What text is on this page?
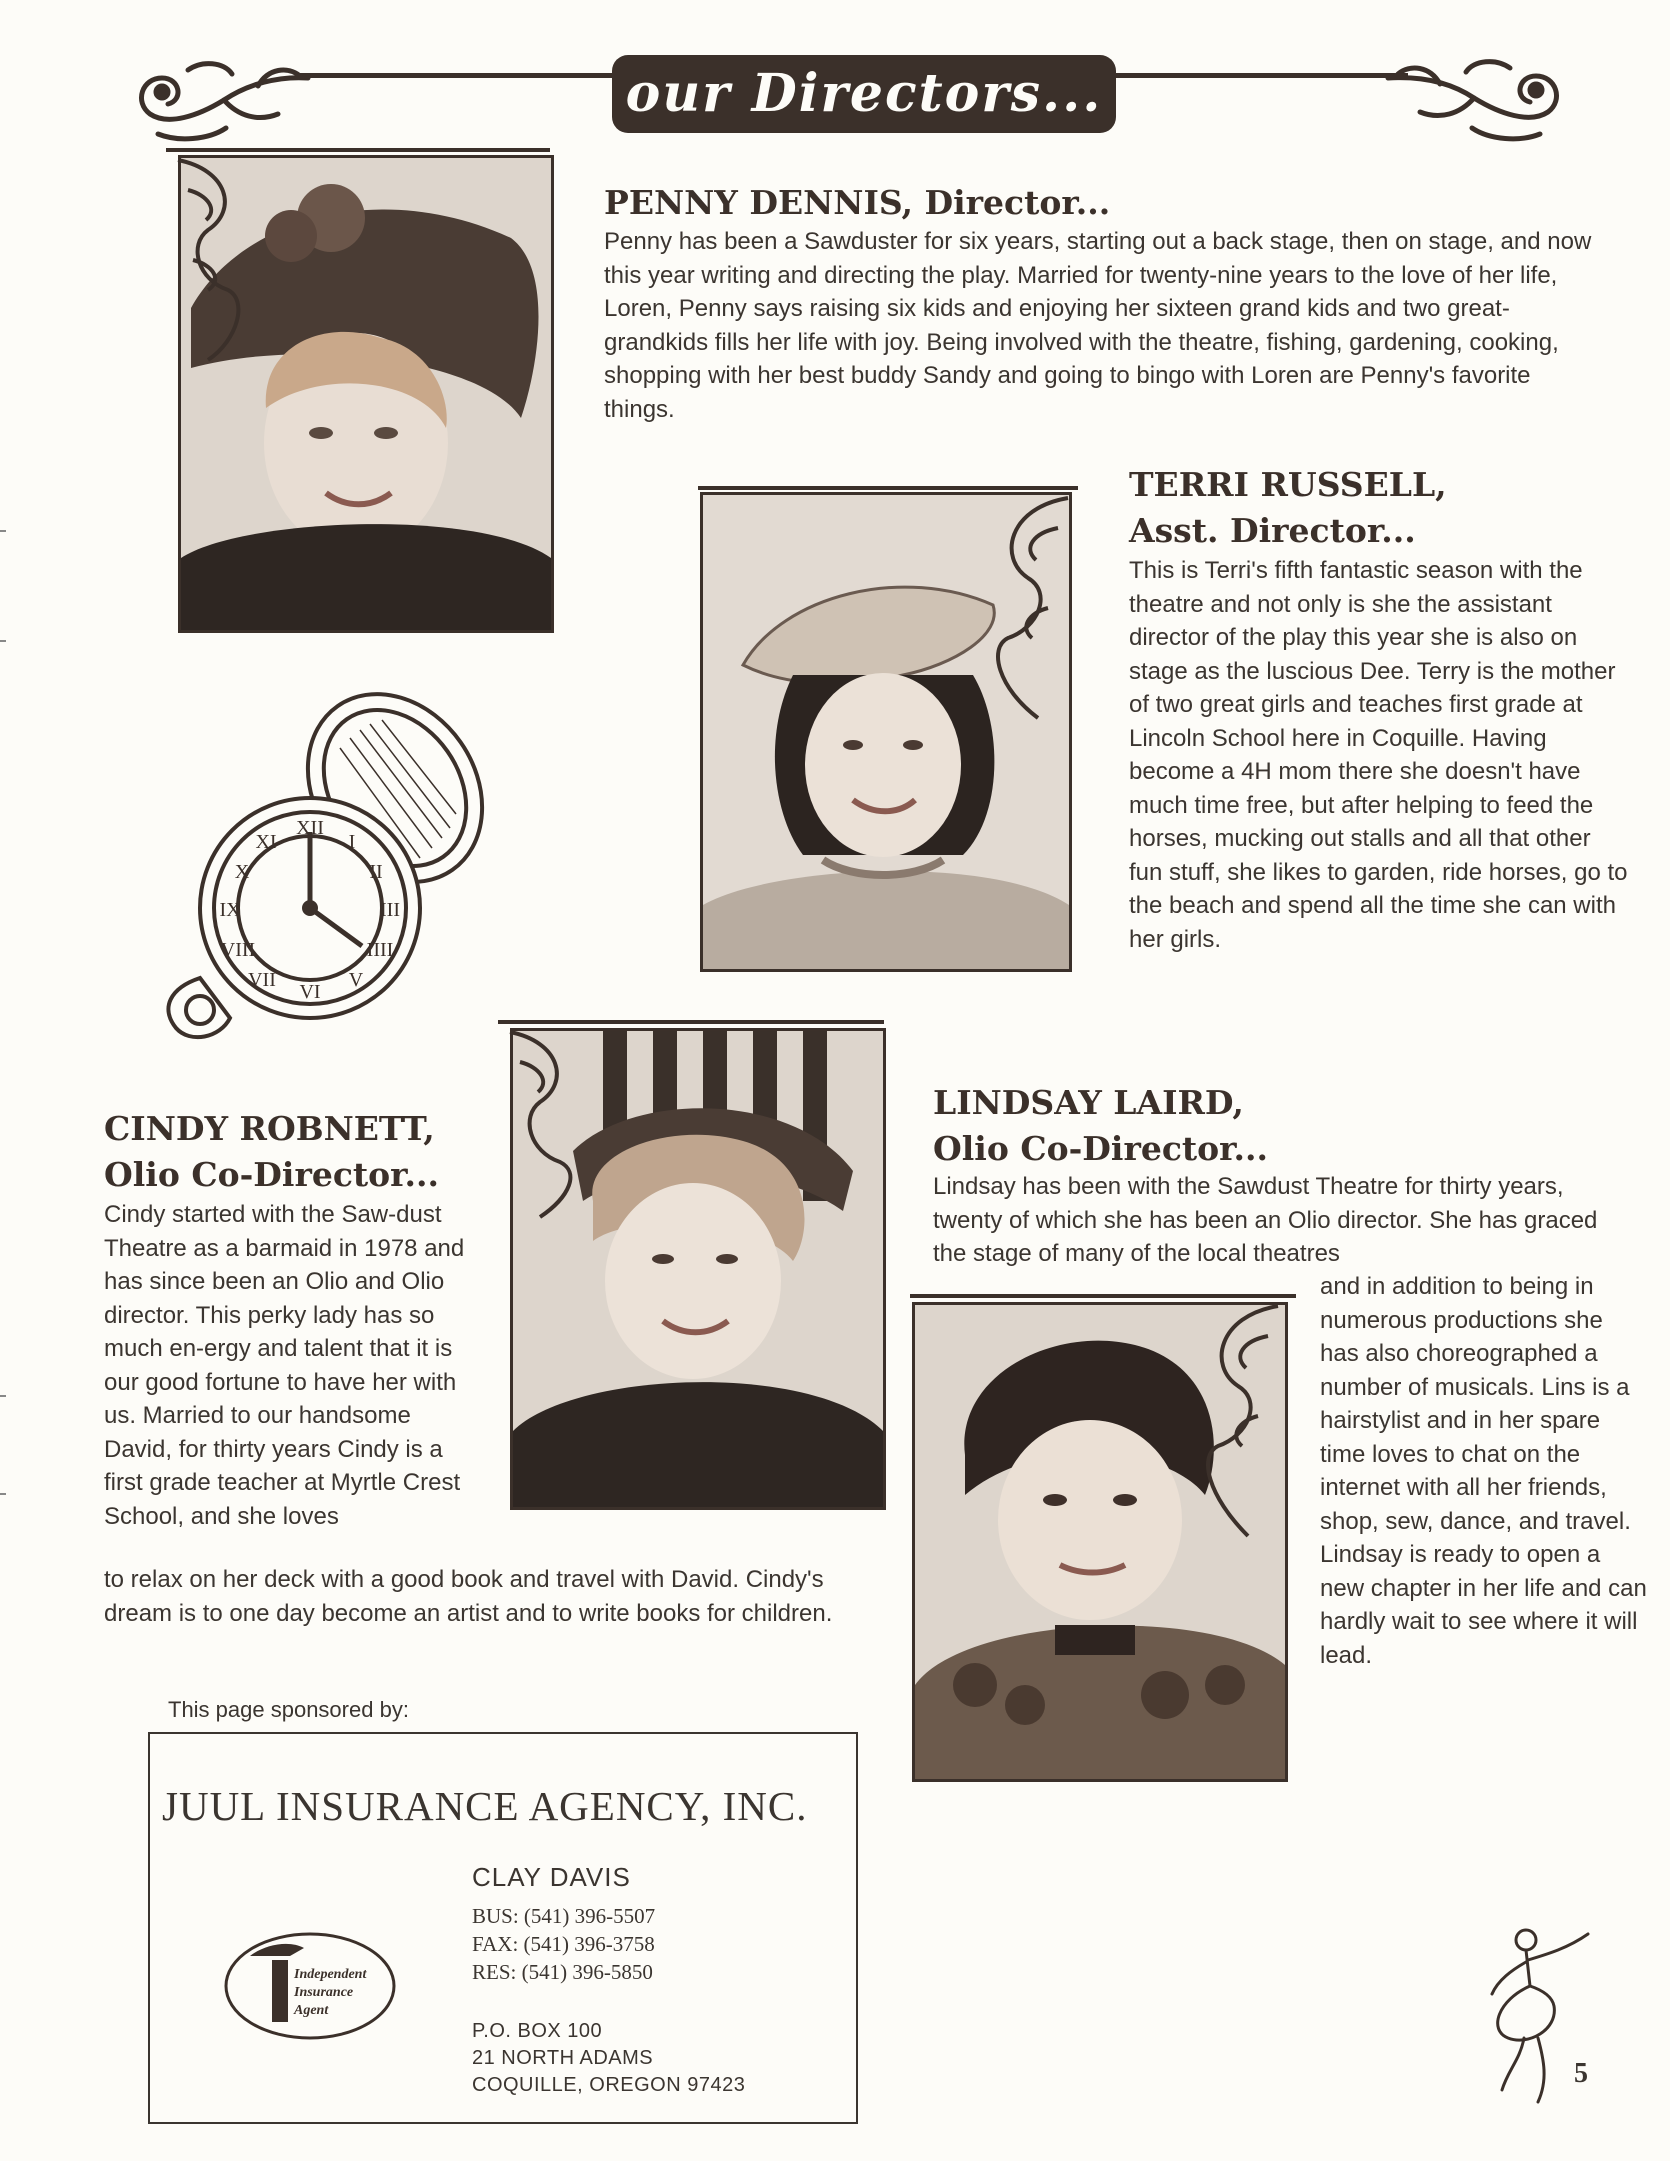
our Directors...
PENNY DENNIS, Director...

Penny has been a Sawduster for six years, starting out a back stage, then on stage, and now this year writing and directing the play. Married for twenty-nine years to the love of her life, Loren, Penny says raising six kids and enjoying her sixteen grand kids and two great-grandkids fills her life with joy. Being involved with the theatre, fishing, gardening, cooking, shopping with her best buddy Sandy and going to bingo with Loren are Penny's favorite things.

TERRI RUSSELL,
Asst. Director...

This is Terri's fifth fantastic season with the theatre and not only is she the assistant director of the play this year she is also on stage as the luscious Dee. Terry is the mother of two great girls and teaches first grade at Lincoln School here in Coquille. Having become a 4H mom there she doesn't have much time free, but after helping to feed the horses, mucking out stalls and all that other fun stuff, she likes to garden, ride horses, go to the beach and spend all the time she can with her girls.

XII
I
II
III
IIII
V
VI
VII
VIII
IX
X
XI
CINDY ROBNETT,
Olio Co-Director...

Cindy started with the Saw-dust Theatre as a barmaid in 1978 and has since been an Olio and Olio director. This perky lady has so much en-ergy and talent that it is our good fortune to have her with us. Married to our handsome David, for thirty years Cindy is a first grade teacher at Myrtle Crest School, and she loves

to relax on her deck with a good book and travel with David. Cindy's dream is to one day become an artist and to write books for children.

LINDSAY LAIRD,
Olio Co-Director...

Lindsay has been with the Sawdust Theatre for thirty years, twenty of which she has been an Olio director. She has graced the stage of many of the local theatres

and in addition to being in numerous productions she has also choreographed a number of musicals. Lins is a hairstylist and in her spare time loves to chat on the internet with all her friends, shop, sew, dance, and travel. Lindsay is ready to open a new chapter in her life and can hardly wait to see where it will lead.

This page sponsored by:
JUUL INSURANCE AGENCY, INC.
CLAY DAVIS
BUS: (541) 396-5507
FAX: (541) 396-3758
RES: (541) 396-5850
P.O. BOX 100
21 NORTH ADAMS
COQUILLE, OREGON 97423
Independent
Insurance
Agent
5
